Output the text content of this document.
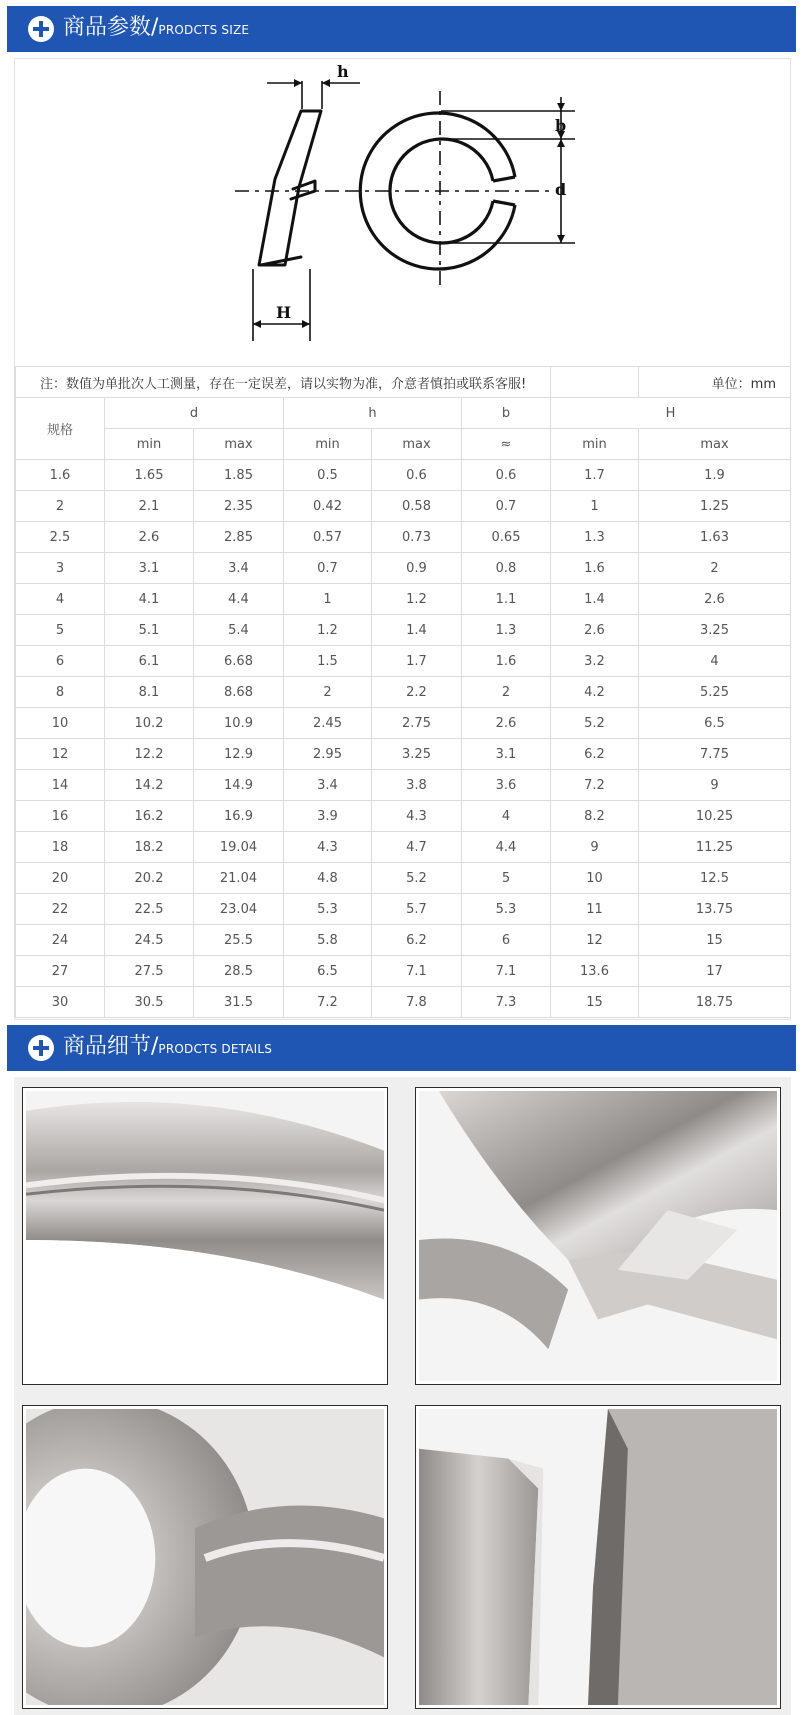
商品参数/PRODCTS SIZE
h
b
d
H
注：数值为单批次人工测量，存在一定误差，请以实物为准，介意者慎拍或联系客服!							单位：mm
规格	d		h		b	H	
	min	max	min	max	≈	min	max
1.6	1.65	1.85	0.5	0.6	0.6	1.7	1.9
2	2.1	2.35	0.42	0.58	0.7	1	1.25
2.5	2.6	2.85	0.57	0.73	0.65	1.3	1.63
3	3.1	3.4	0.7	0.9	0.8	1.6	2
4	4.1	4.4	1	1.2	1.1	1.4	2.6
5	5.1	5.4	1.2	1.4	1.3	2.6	3.25
6	6.1	6.68	1.5	1.7	1.6	3.2	4
8	8.1	8.68	2	2.2	2	4.2	5.25
10	10.2	10.9	2.45	2.75	2.6	5.2	6.5
12	12.2	12.9	2.95	3.25	3.1	6.2	7.75
14	14.2	14.9	3.4	3.8	3.6	7.2	9
16	16.2	16.9	3.9	4.3	4	8.2	10.25
18	18.2	19.04	4.3	4.7	4.4	9	11.25
20	20.2	21.04	4.8	5.2	5	10	12.5
22	22.5	23.04	5.3	5.7	5.3	11	13.75
24	24.5	25.5	5.8	6.2	6	12	15
27	27.5	28.5	6.5	7.1	7.1	13.6	17
30	30.5	31.5	7.2	7.8	7.3	15	18.75
商品细节/PRODCTS DETAILS
